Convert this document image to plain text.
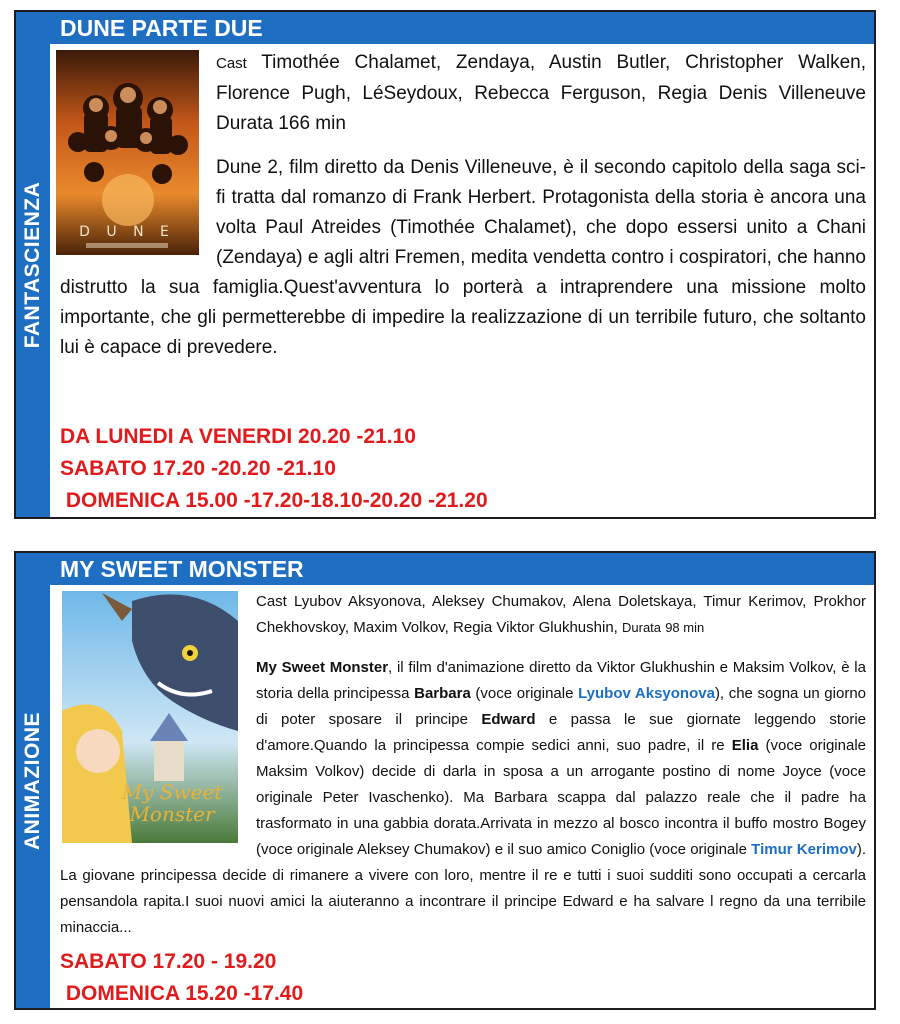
FANTASCIENZA
DUNE PARTE DUE
D U N E

Cast Timothée Chalamet, Zendaya, Austin Butler, Christopher Walken, Florence Pugh, LéSeydoux, Rebecca Ferguson, Regia Denis Villeneuve Durata 166 min

Dune 2, film diretto da Denis Villeneuve, è il secondo capitolo della saga sci-fi tratta dal romanzo di Frank Herbert. Protagonista della storia è ancora una volta Paul Atreides (Timothée Chalamet), che dopo essersi unito a Chani (Zendaya) e agli altri Fremen, medita vendetta contro i cospiratori, che hanno distrutto la sua famiglia.Quest'avventura lo porterà a intraprendere una missione molto importante, che gli permetterebbe di impedire la realizzazione di un terribile futuro, che soltanto lui è capace di prevedere.

DA LUNEDI A VENERDI 20.20 -21.10
SABATO 17.20 -20.20 -21.10
DOMENICA 15.00 -17.20-18.10-20.20 -21.20
ANIMAZIONE
MY SWEET MONSTER
My Sweet
Monster

Cast Lyubov Aksyonova, Aleksey Chumakov, Alena Doletskaya, Timur Kerimov, Prokhor Chekhovskoy, Maxim Volkov, Regia Viktor Glukhushin, Durata 98 min

My Sweet Monster, il film d'animazione diretto da Viktor Glukhushin e Maksim Volkov, è la storia della principessa Barbara (voce originale Lyubov Aksyonova), che sogna un giorno di poter sposare il principe Edward e passa le sue giornate leggendo storie d'amore.Quando la principessa compie sedici anni, suo padre, il re Elia (voce originale Maksim Volkov) decide di darla in sposa a un arrogante postino di nome Joyce (voce originale Peter Ivaschenko). Ma Barbara scappa dal palazzo reale che il padre ha trasformato in una gabbia dorata.Arrivata in mezzo al bosco incontra il buffo mostro Bogey (voce originale Aleksey Chumakov) e il suo amico Coniglio (voce originale Timur Kerimov). La giovane principessa decide di rimanere a vivere con loro, mentre il re e tutti i suoi sudditi sono occupati a cercarla pensandola rapita.I suoi nuovi amici la aiuteranno a incontrare il principe Edward e ha salvare l regno da una terribile minaccia...

SABATO 17.20 - 19.20
DOMENICA 15.20 -17.40
